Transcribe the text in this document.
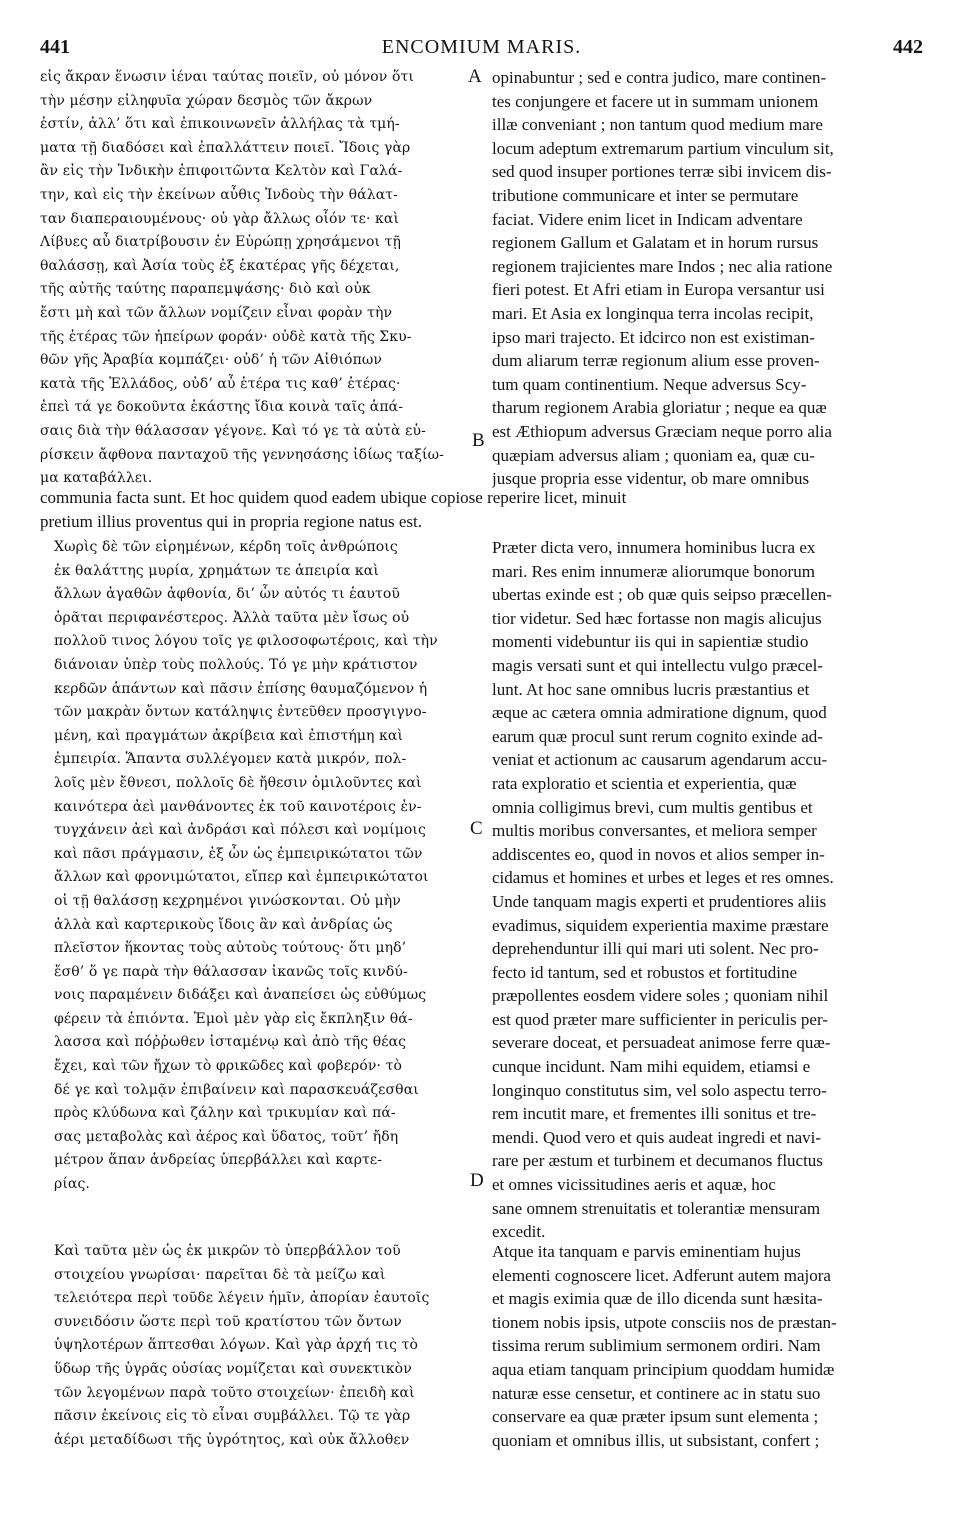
441	ENCOMIUM MARIS.	442
εἰς ἄκραν ἕνωσιν ἰέναι ταύτας ποιεῖν, οὐ μόνον ὅτι
τὴν μέσην εἰληφυῖα χώραν δεσμὸς τῶν ἄκρων
ἐστίν, ἀλλ’ ὅτι καὶ ἐπικοινωνεῖν ἀλλήλας τὰ τμή-
ματα τῇ διαδόσει καὶ ἐπαλλάττειν ποιεῖ. Ἴδοις γὰρ
ἂν εἰς τὴν Ἰνδικὴν ἐπιφοιτῶντα Κελτὸν καὶ Γαλά-
την, καὶ εἰς τὴν ἐκείνων αὖθις Ἰνδοὺς τὴν θάλατ-
ταν διαπεραιουμένους· οὐ γὰρ ἄλλως οἷόν τε· καὶ
Λίβυες αὖ διατρίβουσιν ἐν Εὐρώπῃ χρησάμενοι τῇ
θαλάσσῃ, καὶ Ἀσία τοὺς ἐξ ἑκατέρας γῆς δέχεται,
τῆς αὐτῆς ταύτης παραπεμψάσης· διὸ καὶ οὐκ
ἔστι μὴ καὶ τῶν ἄλλων νομίζειν εἶναι φορὰν τὴν
τῆς ἑτέρας τῶν ἠπείρων φοράν· οὐδὲ κατὰ τῆς Σκυ-
θῶν γῆς Ἀραβία κομπάζει· οὐδ’ ἡ τῶν Αἰθιόπων
κατὰ τῆς Ἑλλάδος, οὐδ’ αὖ ἑτέρα τις καθ’ ἑτέρας·
ἐπεὶ τά γε δοκοῦντα ἑκάστης ἴδια κοινὰ ταῖς ἁπά-
σαις διὰ τὴν θάλασσαν γέγονε. Καὶ τό γε τὰ αὐτὰ εὑ-
ρίσκειν ἄφθονα πανταχοῦ τῆς γεννησάσης ἰδίως ταξίω-
μα καταβάλλει.
opinabuntur ; sed e contra judico, mare continen-
tes conjungere et facere ut in summam unionem
illæ conveniant ; non tantum quod medium mare
locum adeptum extremarum partium vinculum sit,
sed quod insuper portiones terræ sibi invicem dis-
tributione communicare et inter se permutare
faciat. Videre enim licet in Indicam adventare
regionem Gallum et Galatam et in horum rursus
regionem trajicientes mare Indos ; nec alia ratione
fieri potest. Et Afri etiam in Europa versantur usi
mari. Et Asia ex longinqua terra incolas recipit,
ipso mari trajecto. Et idcirco non est existiman-
dum aliarum terræ regionum alium esse proven-
tum quam continentium. Neque adversus Scy-
tharum regionem Arabia gloriatur ; neque ea quæ
est Æthiopum adversus Græciam neque porro alia
quæpiam adversus aliam ; quoniam ea, quæ cu-
jusque propria esse videntur, ob mare omnibus
communia facta sunt. Et hoc quidem quod eadem ubique copiose reperire licet, minuit
pretium illius proventus qui in propria regione natus est.
Χωρὶς δὲ τῶν εἰρημένων, κέρδη τοῖς ἀνθρώποις
ἐκ θαλάττης μυρία, χρημάτων τε ἀπειρία καὶ
ἄλλων ἀγαθῶν ἀφθονία, δι’ ὧν αὐτός τι ἑαυτοῦ
ὁρᾶται περιφανέστερος. Ἀλλὰ ταῦτα μὲν ἴσως οὐ
πολλοῦ τινος λόγου τοῖς γε φιλοσοφωτέροις, καὶ τὴν
διάνοιαν ὑπὲρ τοὺς πολλούς. Τό γε μὴν κράτιστον
κερδῶν ἁπάντων καὶ πᾶσιν ἐπίσης θαυμαζόμενον ἡ
τῶν μακρὰν ὄντων κατάληψις ἐντεῦθεν προσγιγνο-
μένη, καὶ πραγμάτων ἀκρίβεια καὶ ἐπιστήμη καὶ
ἐμπειρία. Ἅπαντα συλλέγομεν κατὰ μικρόν, πολ-
λοῖς μὲν ἔθνεσι, πολλοῖς δὲ ἤθεσιν ὁμιλοῦντες καὶ
καινότερα ἀεὶ μανθάνοντες ἐκ τοῦ καινοτέροις ἐν-
τυγχάνειν ἀεὶ καὶ ἀνδράσι καὶ πόλεσι καὶ νομίμοις
καὶ πᾶσι πράγμασιν, ἐξ ὧν ὡς ἐμπειρικώτατοι τῶν
ἄλλων καὶ φρονιμώτατοι, εἴπερ καὶ ἐμπειρικώτατοι
οἱ τῇ θαλάσσῃ κεχρημένοι γινώσκονται. Οὐ μὴν
ἀλλὰ καὶ καρτερικοὺς ἴδοις ἂν καὶ ἀνδρίας ὡς
πλεῖστον ἥκοντας τοὺς αὐτοὺς τούτους· ὅτι μηδ’
ἔσθ’ ὅ γε παρὰ τὴν θάλασσαν ἱκανῶς τοῖς κινδύ-
νοις παραμένειν διδάξει καὶ ἀναπείσει ὡς εὐθύμως
φέρειν τὰ ἐπιόντα. Ἐμοὶ μὲν γὰρ εἰς ἔκπληξιν θά-
λασσα καὶ πόῤῥωθεν ἱσταμένῳ καὶ ἀπὸ τῆς θέας
ἔχει, καὶ τῶν ἤχων τὸ φρικῶδες καὶ φοβερόν· τὸ
δέ γε καὶ τολμᾷν ἐπιβαίνειν καὶ παρασκευάζεσθαι
πρὸς κλύδωνα καὶ ζάλην καὶ τρικυμίαν καὶ πά-
σας μεταβολὰς καὶ ἀέρος καὶ ὕδατος, τοῦτ’ ἤδη
μέτρον ἅπαν ἀνδρείας ὑπερβάλλει καὶ καρτε-
ρίας.
Præter dicta vero, innumera hominibus lucra ex
mari. Res enim innumeræ aliorumque bonorum
ubertas exinde est ; ob quæ quis seipso præcellen-
tior videtur. Sed hæc fortasse non magis alicujus
momenti videbuntur iis qui in sapientiæ studio
magis versati sunt et qui intellectu vulgo præcel-
lunt. At hoc sane omnibus lucris præstantius et
æque ac cætera omnia admiratione dignum, quod
earum quæ procul sunt rerum cognito exinde ad-
veniat et actionum ac causarum agendarum accu-
rata exploratio et scientia et experientia, quæ
omnia colligimus brevi, cum multis gentibus et
multis moribus conversantes, et meliora semper
addiscentes eo, quod in novos et alios semper in-
cidamus et homines et urbes et leges et res omnes.
Unde tanquam magis experti et prudentiores aliis
evadimus, siquidem experientia maxime præstare
deprehenduntur illi qui mari uti solent. Nec pro-
fecto id tantum, sed et robustos et fortitudine
præpollentes eosdem videre soles ; quoniam nihil
est quod præter mare sufficienter in periculis per-
severare doceat, et persuadeat animose ferre quæ-
cunque incidunt. Nam mihi equidem, etiamsi e
longinquo constitutus sim, vel solo aspectu terro-
rem incutit mare, et frementes illi sonitus et tre-
mendi. Quod vero et quis audeat ingredi et navi-
rare per æstum et turbinem et decumanos fluctus
et omnes vicissitudines aeris et aquæ, hoc
sane omnem strenuitatis et tolerantiæ mensuram
excedit.
Καὶ ταῦτα μὲν ὡς ἐκ μικρῶν τὸ ὑπερβάλλον τοῦ
στοιχείου γνωρίσαι· παρεῖται δὲ τὰ μείζω καὶ
τελειότερα περὶ τοῦδε λέγειν ἡμῖν, ἀπορίαν ἑαυτοῖς
συνειδόσιν ὥστε περὶ τοῦ κρατίστου τῶν ὄντων
ὑψηλοτέρων ἅπτεσθαι λόγων. Καὶ γὰρ ἀρχή τις τὸ
ὕδωρ τῆς ὑγρᾶς οὐσίας νομίζεται καὶ συνεκτικὸν
τῶν λεγομένων παρὰ τοῦτο στοιχείων· ἐπειδὴ καὶ
πᾶσιν ἐκείνοις εἰς τὸ εἶναι συμβάλλει. Τῷ τε γὰρ
ἀέρι μεταδίδωσι τῆς ὑγρότητος, καὶ οὐκ ἄλλοθεν
Atque ita tanquam e parvis eminentiam hujus
elementi cognoscere licet. Adferunt autem majora
et magis eximia quæ de illo dicenda sunt hæsita-
tionem nobis ipsis, utpote consciis nos de præstan-
tissima rerum sublimium sermonem ordiri. Nam
aqua etiam tanquam principium quoddam humidæ
naturæ esse censetur, et continere ac in statu suo
conservare ea quæ præter ipsum sunt elementa ;
quoniam et omnibus illis, ut subsistant, confert ;
A
B
C
D
